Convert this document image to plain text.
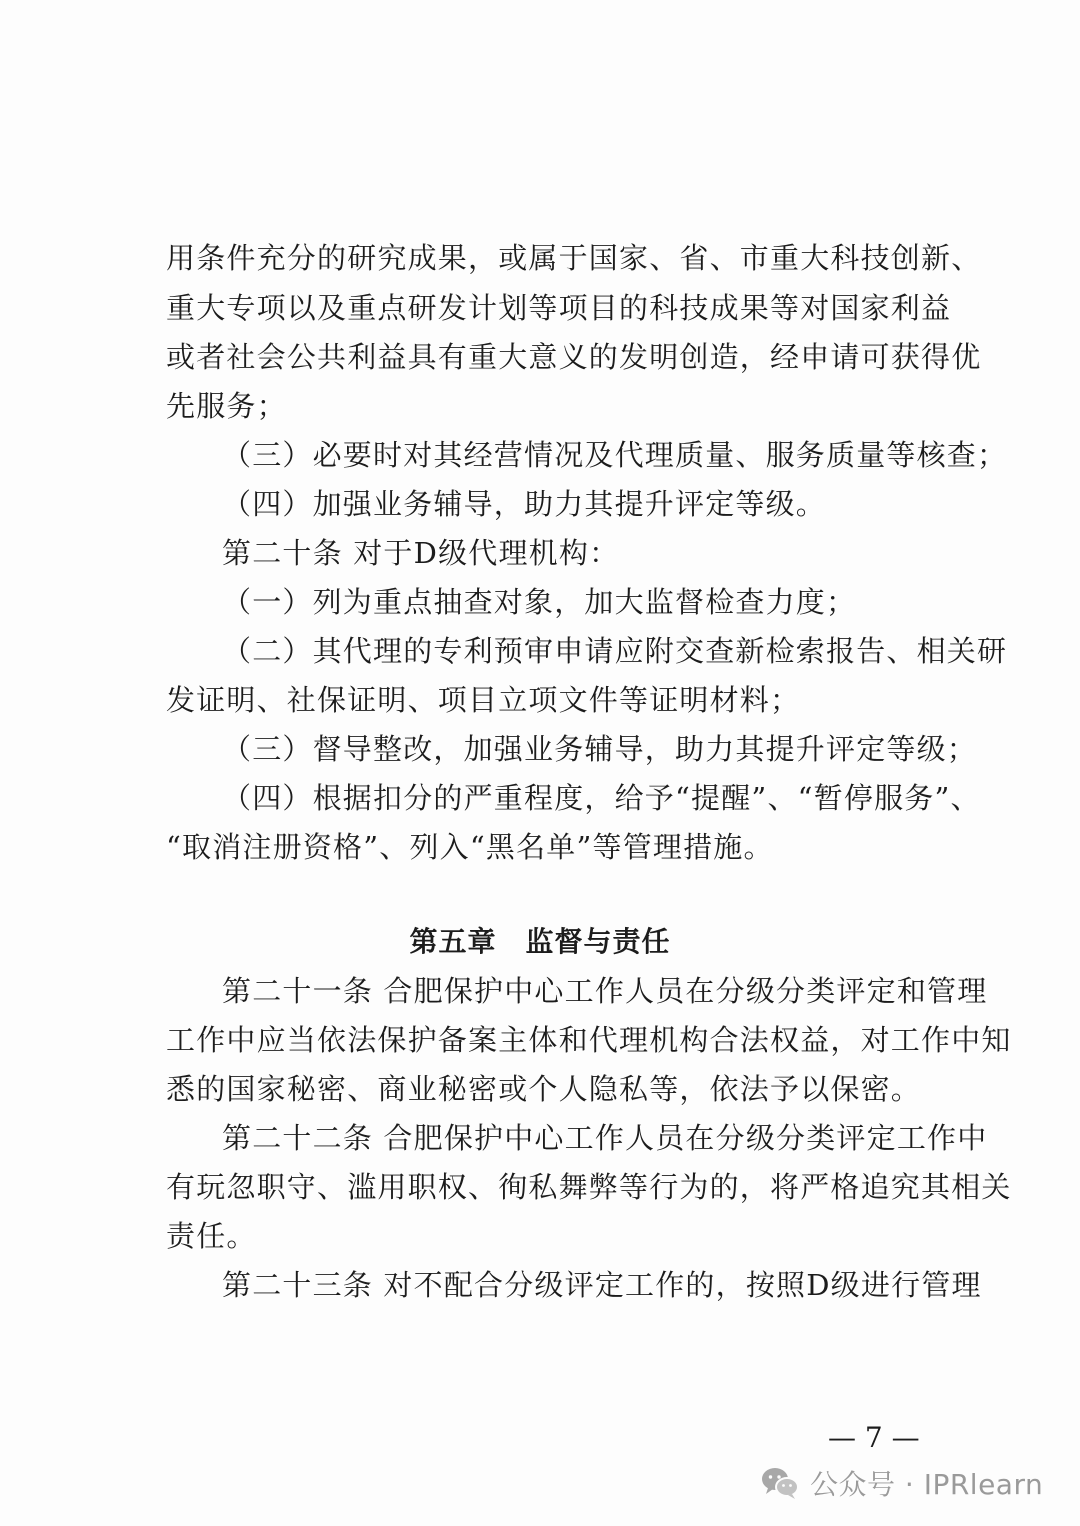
用条件充分的研究成果，或属于国家、省、市重大科技创新、
重大专项以及重点研发计划等项目的科技成果等对国家利益
或者社会公共利益具有重大意义的发明创造，经申请可获得优
先服务；
（三）必要时对其经营情况及代理质量、服务质量等核查；
（四）加强业务辅导，助力其提升评定等级。
第二十条 对于D级代理机构：
（一）列为重点抽查对象，加大监督检查力度；
（二）其代理的专利预审申请应附交查新检索报告、相关研
发证明、社保证明、项目立项文件等证明材料；
（三）督导整改，加强业务辅导，助力其提升评定等级；
（四）根据扣分的严重程度，给予“提醒”、“暂停服务”、
“取消注册资格”、列入“黑名单”等管理措施。
第五章　监督与责任
第二十一条 合肥保护中心工作人员在分级分类评定和管理
工作中应当依法保护备案主体和代理机构合法权益，对工作中知
悉的国家秘密、商业秘密或个人隐私等，依法予以保密。
第二十二条 合肥保护中心工作人员在分级分类评定工作中
有玩忽职守、滥用职权、徇私舞弊等行为的，将严格追究其相关
责任。
第二十三条 对不配合分级评定工作的，按照D级进行管理
— 7 —
公众号 · IPRlearn
